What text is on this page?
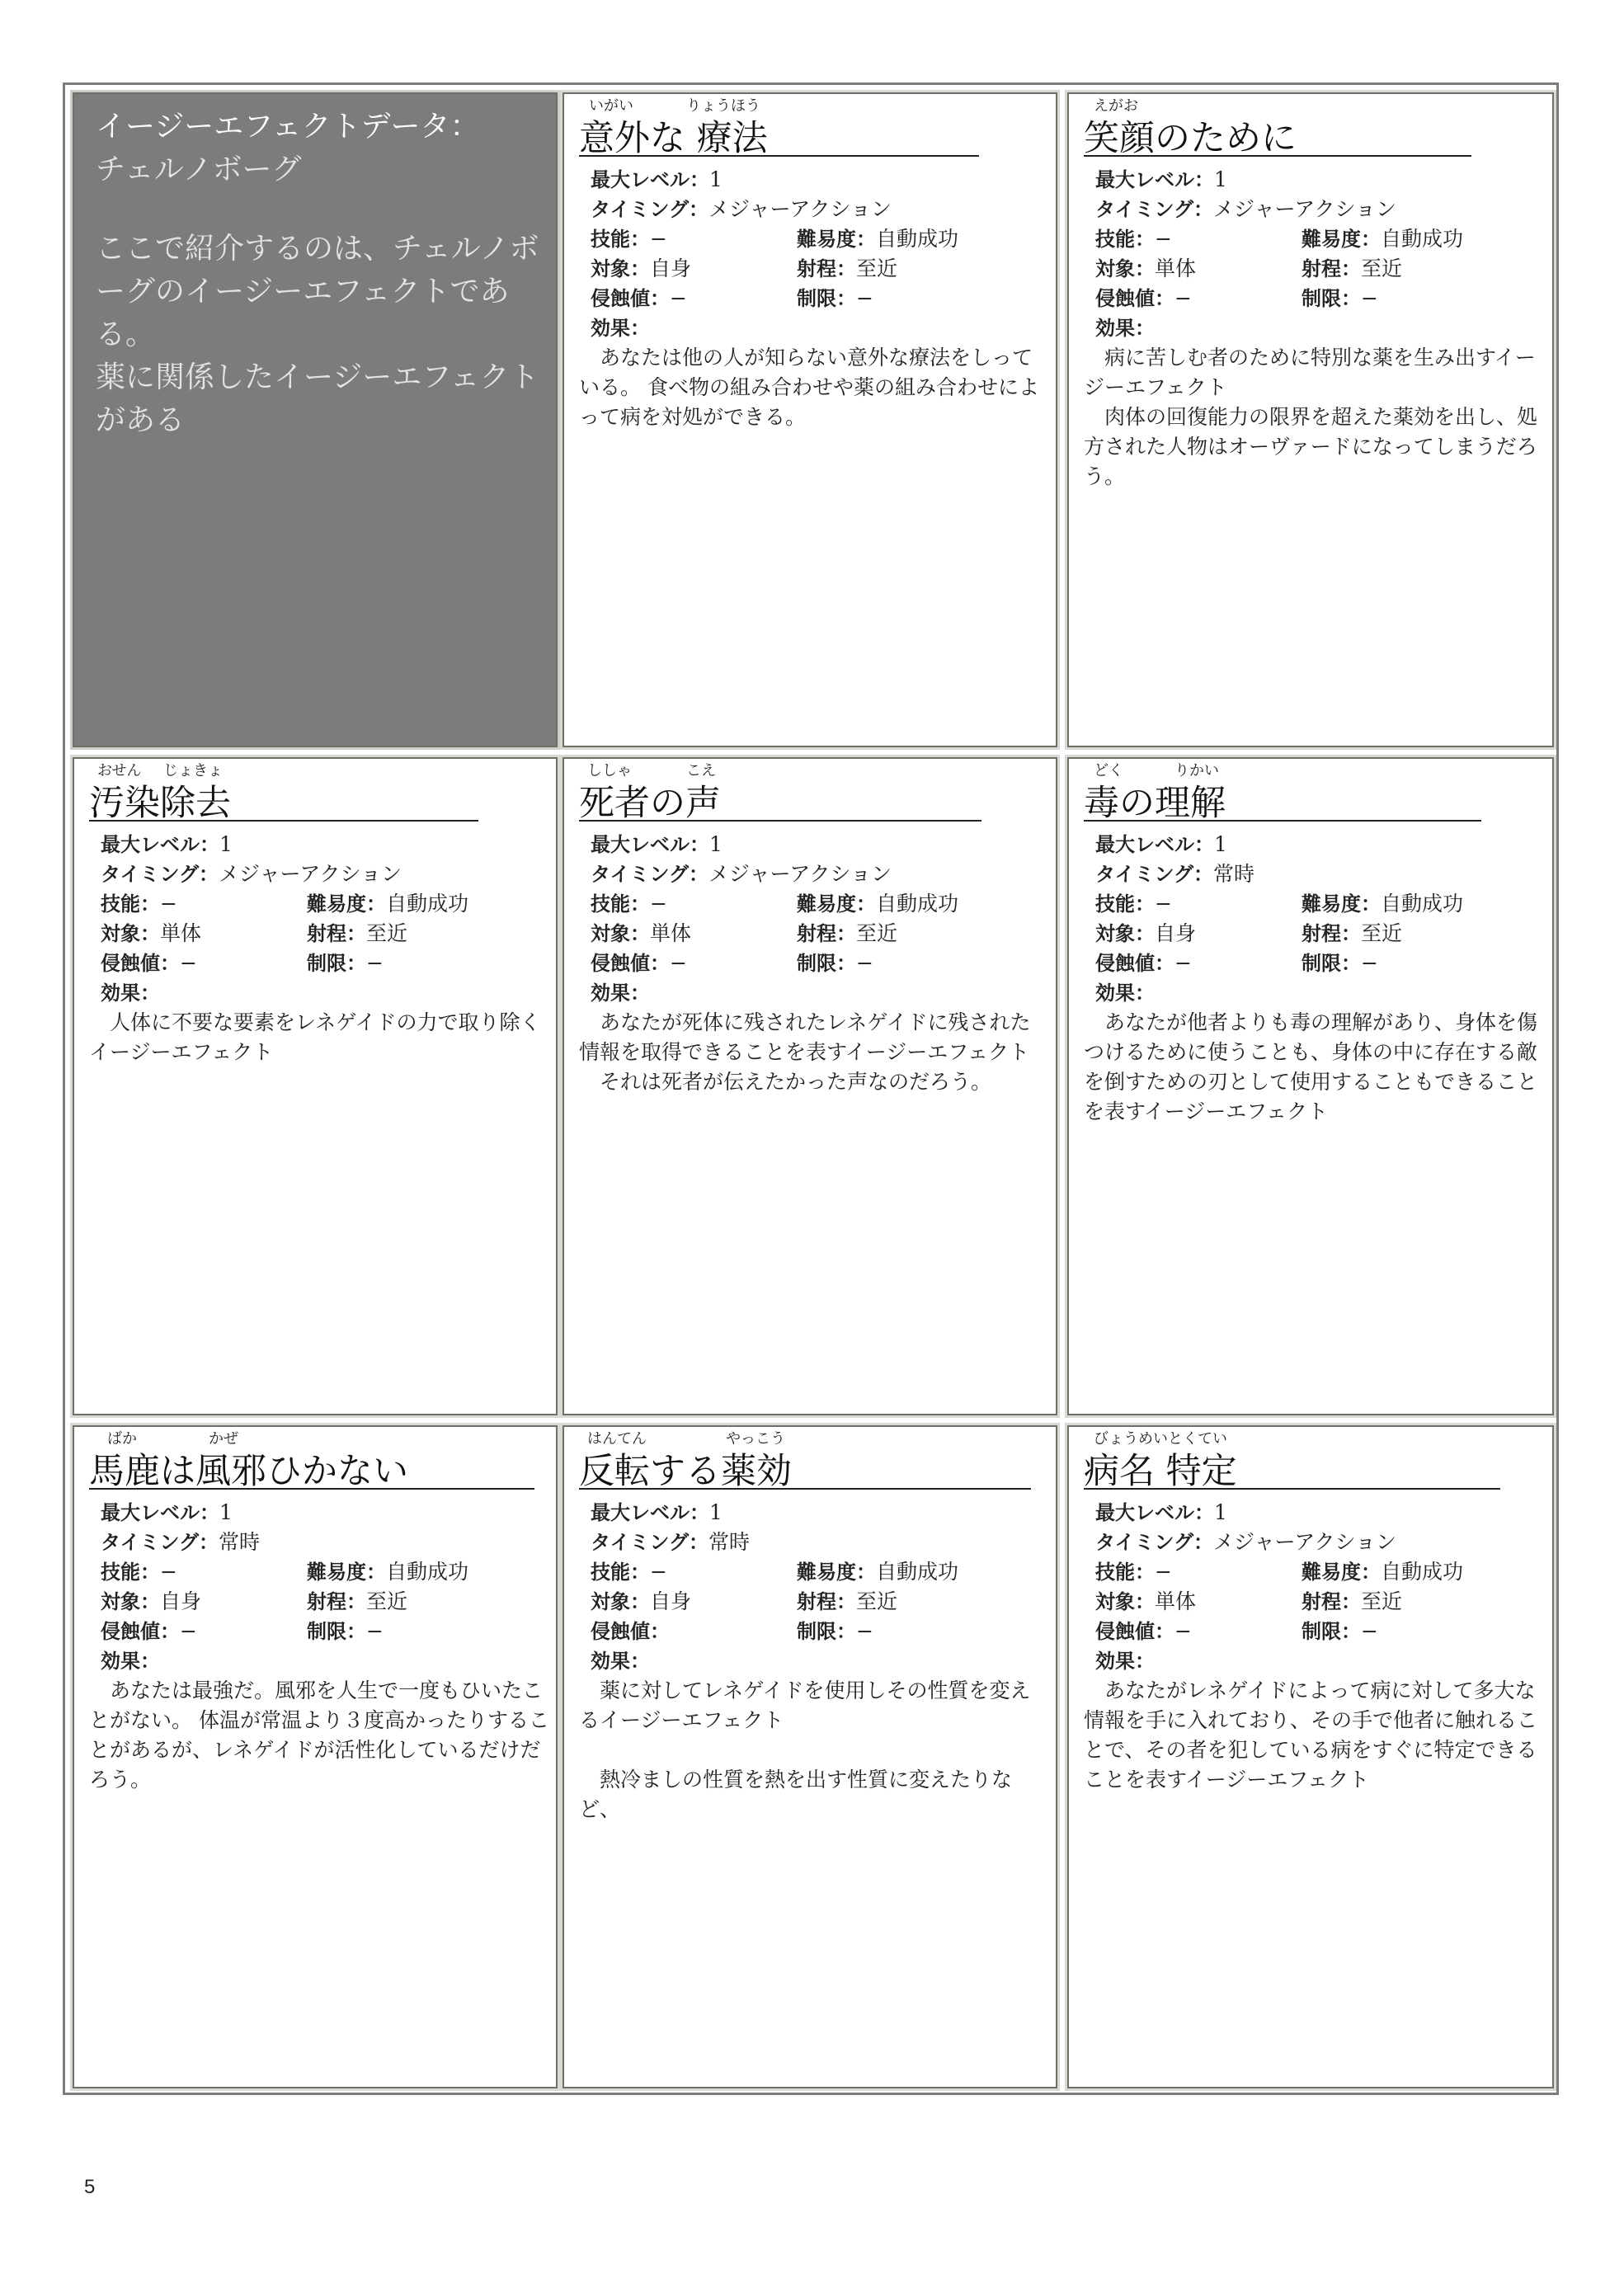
イージーエフェクトデータ：
チェルノボーグ
ここで紹介するのは、チェルノボーグのイージーエフェクトである。
薬に関係したイージーエフェクトがある
いがい	りょうほう
意外な 療法
最大レベル：1
タイミング：メジャーアクション
技能：−	難易度：自動成功
対象：自身	射程：至近
侵蝕値：−	制限：−
効果：
　あなたは他の人が知らない意外な療法をしっている。 食べ物の組み合わせや薬の組み合わせによって病を対処ができる。
えがお
笑顔のために
最大レベル：1
タイミング：メジャーアクション
技能：−	難易度：自動成功
対象：単体	射程：至近
侵蝕値：−	制限：−
効果：
　病に苦しむ者のために特別な薬を生み出すイージーエフェクト
　肉体の回復能力の限界を超えた薬効を出し、処方された人物はオーヴァードになってしまうだろう。
おせん じょきょ
汚染除去
最大レベル：1
タイミング：メジャーアクション
技能：−	難易度：自動成功
対象：単体	射程：至近
侵蝕値：−	制限：−
効果：
　人体に不要な要素をレネゲイドの力で取り除くイージーエフェクト
ししゃ	こえ
死者の声
最大レベル：1
タイミング：メジャーアクション
技能：−	難易度：自動成功
対象：単体	射程：至近
侵蝕値：−	制限：−
効果：
　あなたが死体に残されたレネゲイドに残された情報を取得できることを表すイージーエフェクト
　それは死者が伝えたかった声なのだろう。
どく	りかい
毒の理解
最大レベル：1
タイミング：常時
技能：−	難易度：自動成功
対象：自身	射程：至近
侵蝕値：−	制限：−
効果：
　あなたが他者よりも毒の理解があり、身体を傷つけるために使うことも、身体の中に存在する敵を倒すための刃として使用することもできることを表すイージーエフェクト
ばか	かぜ
馬鹿は風邪ひかない
最大レベル：1
タイミング：常時
技能：−	難易度：自動成功
対象：自身	射程：至近
侵蝕値：−	制限：−
効果：
　あなたは最強だ。風邪を人生で一度もひいたことがない。 体温が常温より３度高かったりすることがあるが、レネゲイドが活性化しているだけだろう。
はんてん	やっこう
反転する薬効
最大レベル：1
タイミング：常時
技能：−	難易度：自動成功
対象：自身	射程：至近
侵蝕値：	制限：−
効果：
　薬に対してレネゲイドを使用しその性質を変えるイージーエフェクト

　熱冷ましの性質を熱を出す性質に変えたりなど、
びょうめいとくてい
病名 特定
最大レベル：1
タイミング：メジャーアクション
技能：−	難易度：自動成功
対象：単体	射程：至近
侵蝕値：−	制限：−
効果：
　あなたがレネゲイドによって病に対して多大な情報を手に入れており、その手で他者に触れることで、その者を犯している病をすぐに特定できることを表すイージーエフェクト
5
